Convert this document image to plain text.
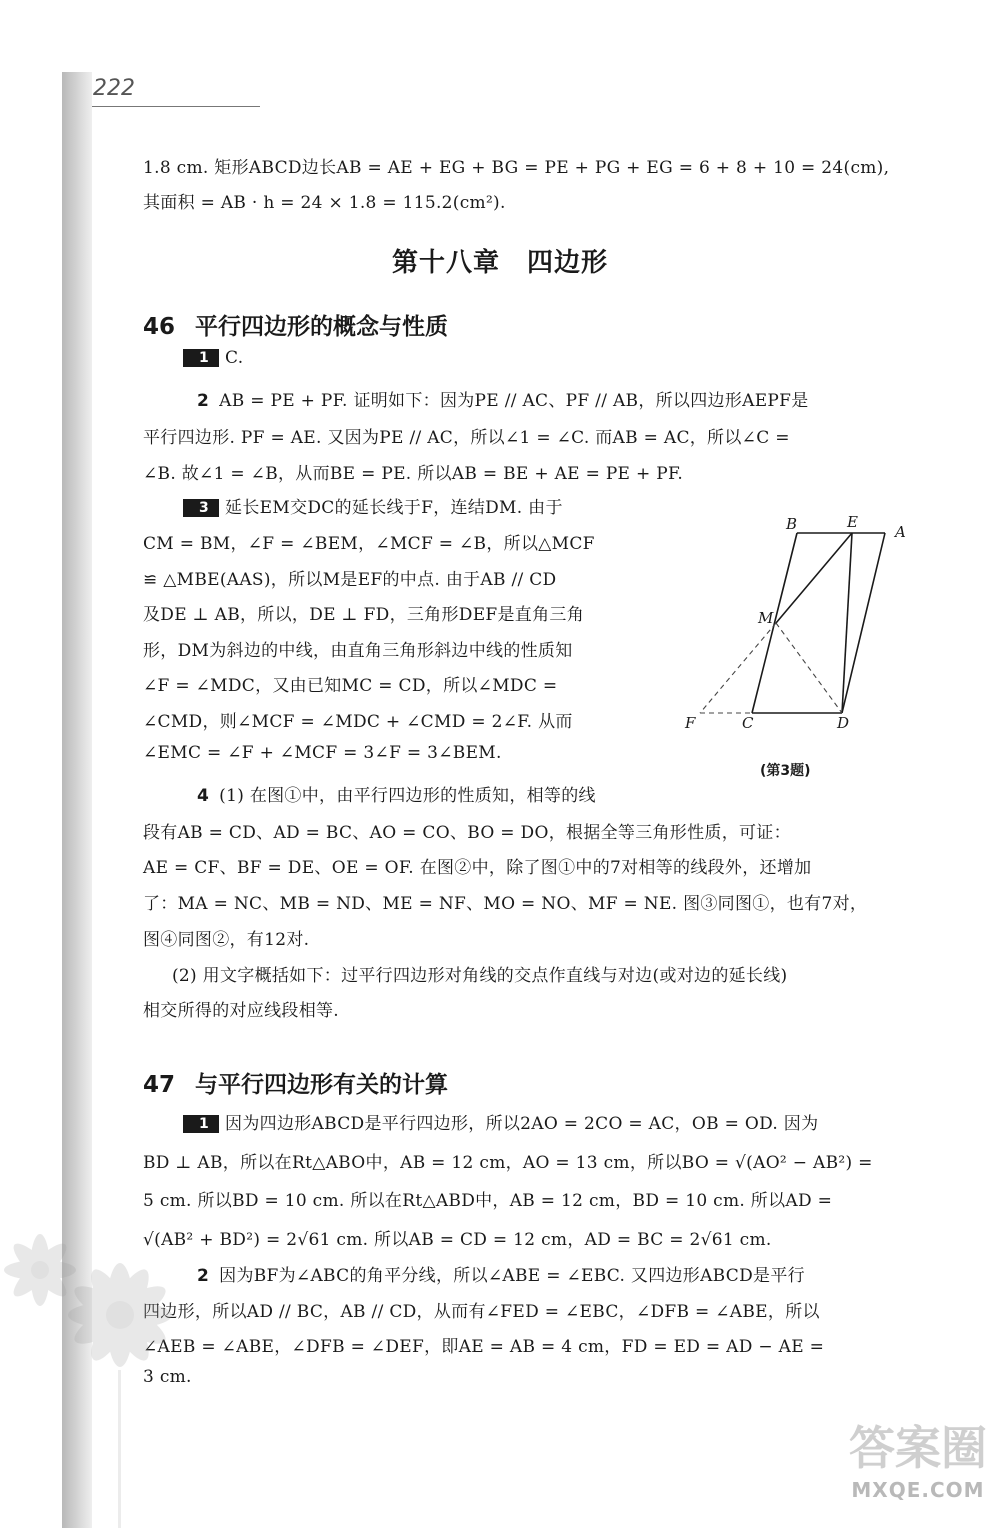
222
1.8 cm. 矩形ABCD边长AB = AE + EG + BG = PE + PG + EG = 6 + 8 + 10 = 24(cm),
其面积 = AB · h = 24 × 1.8 = 115.2(cm²).
第十八章　四边形
46 平行四边形的概念与性质
1 C.
2 AB = PE + PF. 证明如下：因为PE // AC、PF // AB，所以四边形AEPF是
平行四边形. PF = AE. 又因为PE // AC，所以∠1 = ∠C. 而AB = AC，所以∠C =
∠B. 故∠1 = ∠B，从而BE = PE. 所以AB = BE + AE = PE + PF.
3 延长EM交DC的延长线于F，连结DM. 由于
CM = BM，∠F = ∠BEM，∠MCF = ∠B，所以△MCF
≌ △MBE(AAS)，所以M是EF的中点. 由于AB // CD
及DE ⊥ AB，所以，DE ⊥ FD，三角形DEF是直角三角
形，DM为斜边的中线，由直角三角形斜边中线的性质知
∠F = ∠MDC，又由已知MC = CD，所以∠MDC =
∠CMD，则∠MCF = ∠MDC + ∠CMD = 2∠F. 从而
∠EMC = ∠F + ∠MCF = 3∠F = 3∠BEM.
B	E
A
M
F	C	D
(第3题)
4 (1) 在图①中，由平行四边形的性质知，相等的线
段有AB = CD、AD = BC、AO = CO、BO = DO，根据全等三角形性质，可证：
AE = CF、BF = DE、OE = OF. 在图②中，除了图①中的7对相等的线段外，还增加
了：MA = NC、MB = ND、ME = NF、MO = NO、MF = NE. 图③同图①，也有7对，
图④同图②，有12对.
(2) 用文字概括如下：过平行四边形对角线的交点作直线与对边(或对边的延长线)
相交所得的对应线段相等.
47 与平行四边形有关的计算
1 因为四边形ABCD是平行四边形，所以2AO = 2CO = AC，OB = OD. 因为
BD ⊥ AB，所以在Rt△ABO中，AB = 12 cm，AO = 13 cm，所以BO = √(AO² − AB²) =
5 cm. 所以BD = 10 cm. 所以在Rt△ABD中，AB = 12 cm，BD = 10 cm. 所以AD =
√(AB² + BD²) = 2√61 cm. 所以AB = CD = 12 cm，AD = BC = 2√61 cm.
2 因为BF为∠ABC的角平分线，所以∠ABE = ∠EBC. 又四边形ABCD是平行
四边形，所以AD // BC，AB // CD，从而有∠FED = ∠EBC，∠DFB = ∠ABE，所以
∠AEB = ∠ABE，∠DFB = ∠DEF，即AE = AB = 4 cm，FD = ED = AD − AE =
3 cm.
答案圈
MXQE.COM
